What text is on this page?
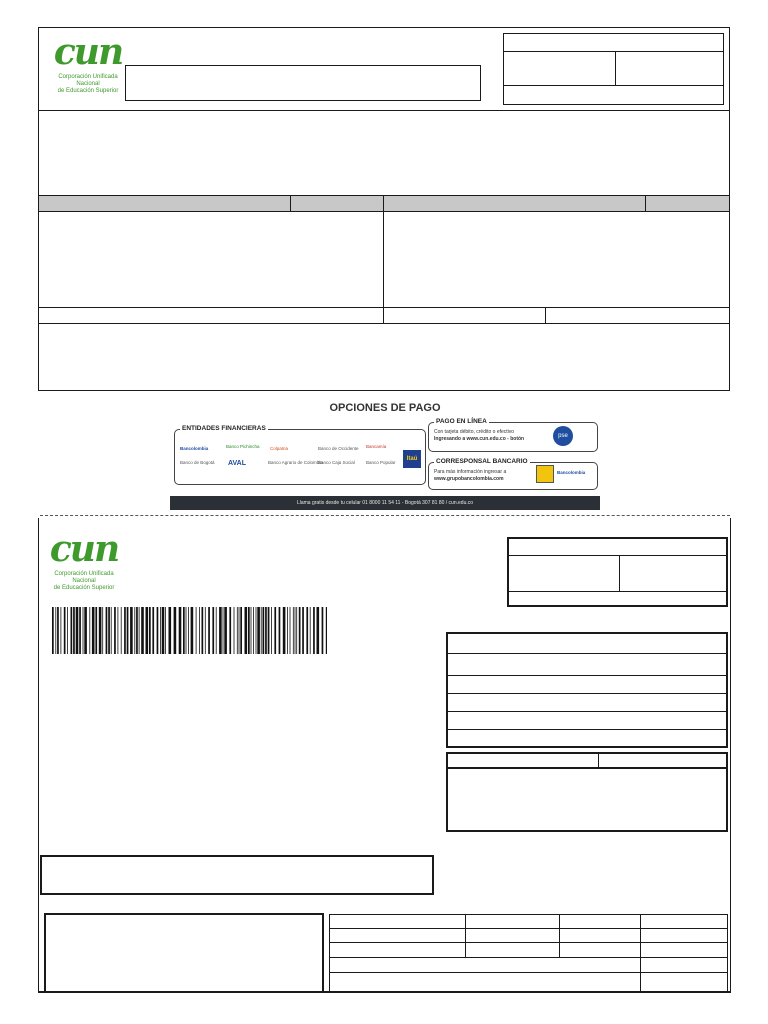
cun
Corporación Unificada Nacional
de Educación Superior
OPCIONES DE PAGO
ENTIDADES FINANCIERAS
Bancolombia
Banco de Bogotá
Colpatria
AVAL
Banco de Occidente
Banco Agrario de Colombia
Banco Caja Social
Bancamía
Banco Popular
Banco Pichincha
Itaú
PAGO EN LÍNEA
Con tarjeta débito, crédito o efectivo
Ingresando a www.cun.edu.co - botón	pse
CORRESPONSAL BANCARIO
Para más información ingresar a
www.grupobancolombia.com
Bancolombia
Llama gratis desde tu celular 01 8000 11 54 11 - Bogotá 307 81 80 / cun.edu.co
cun
Corporación Unificada Nacional
de Educación Superior
